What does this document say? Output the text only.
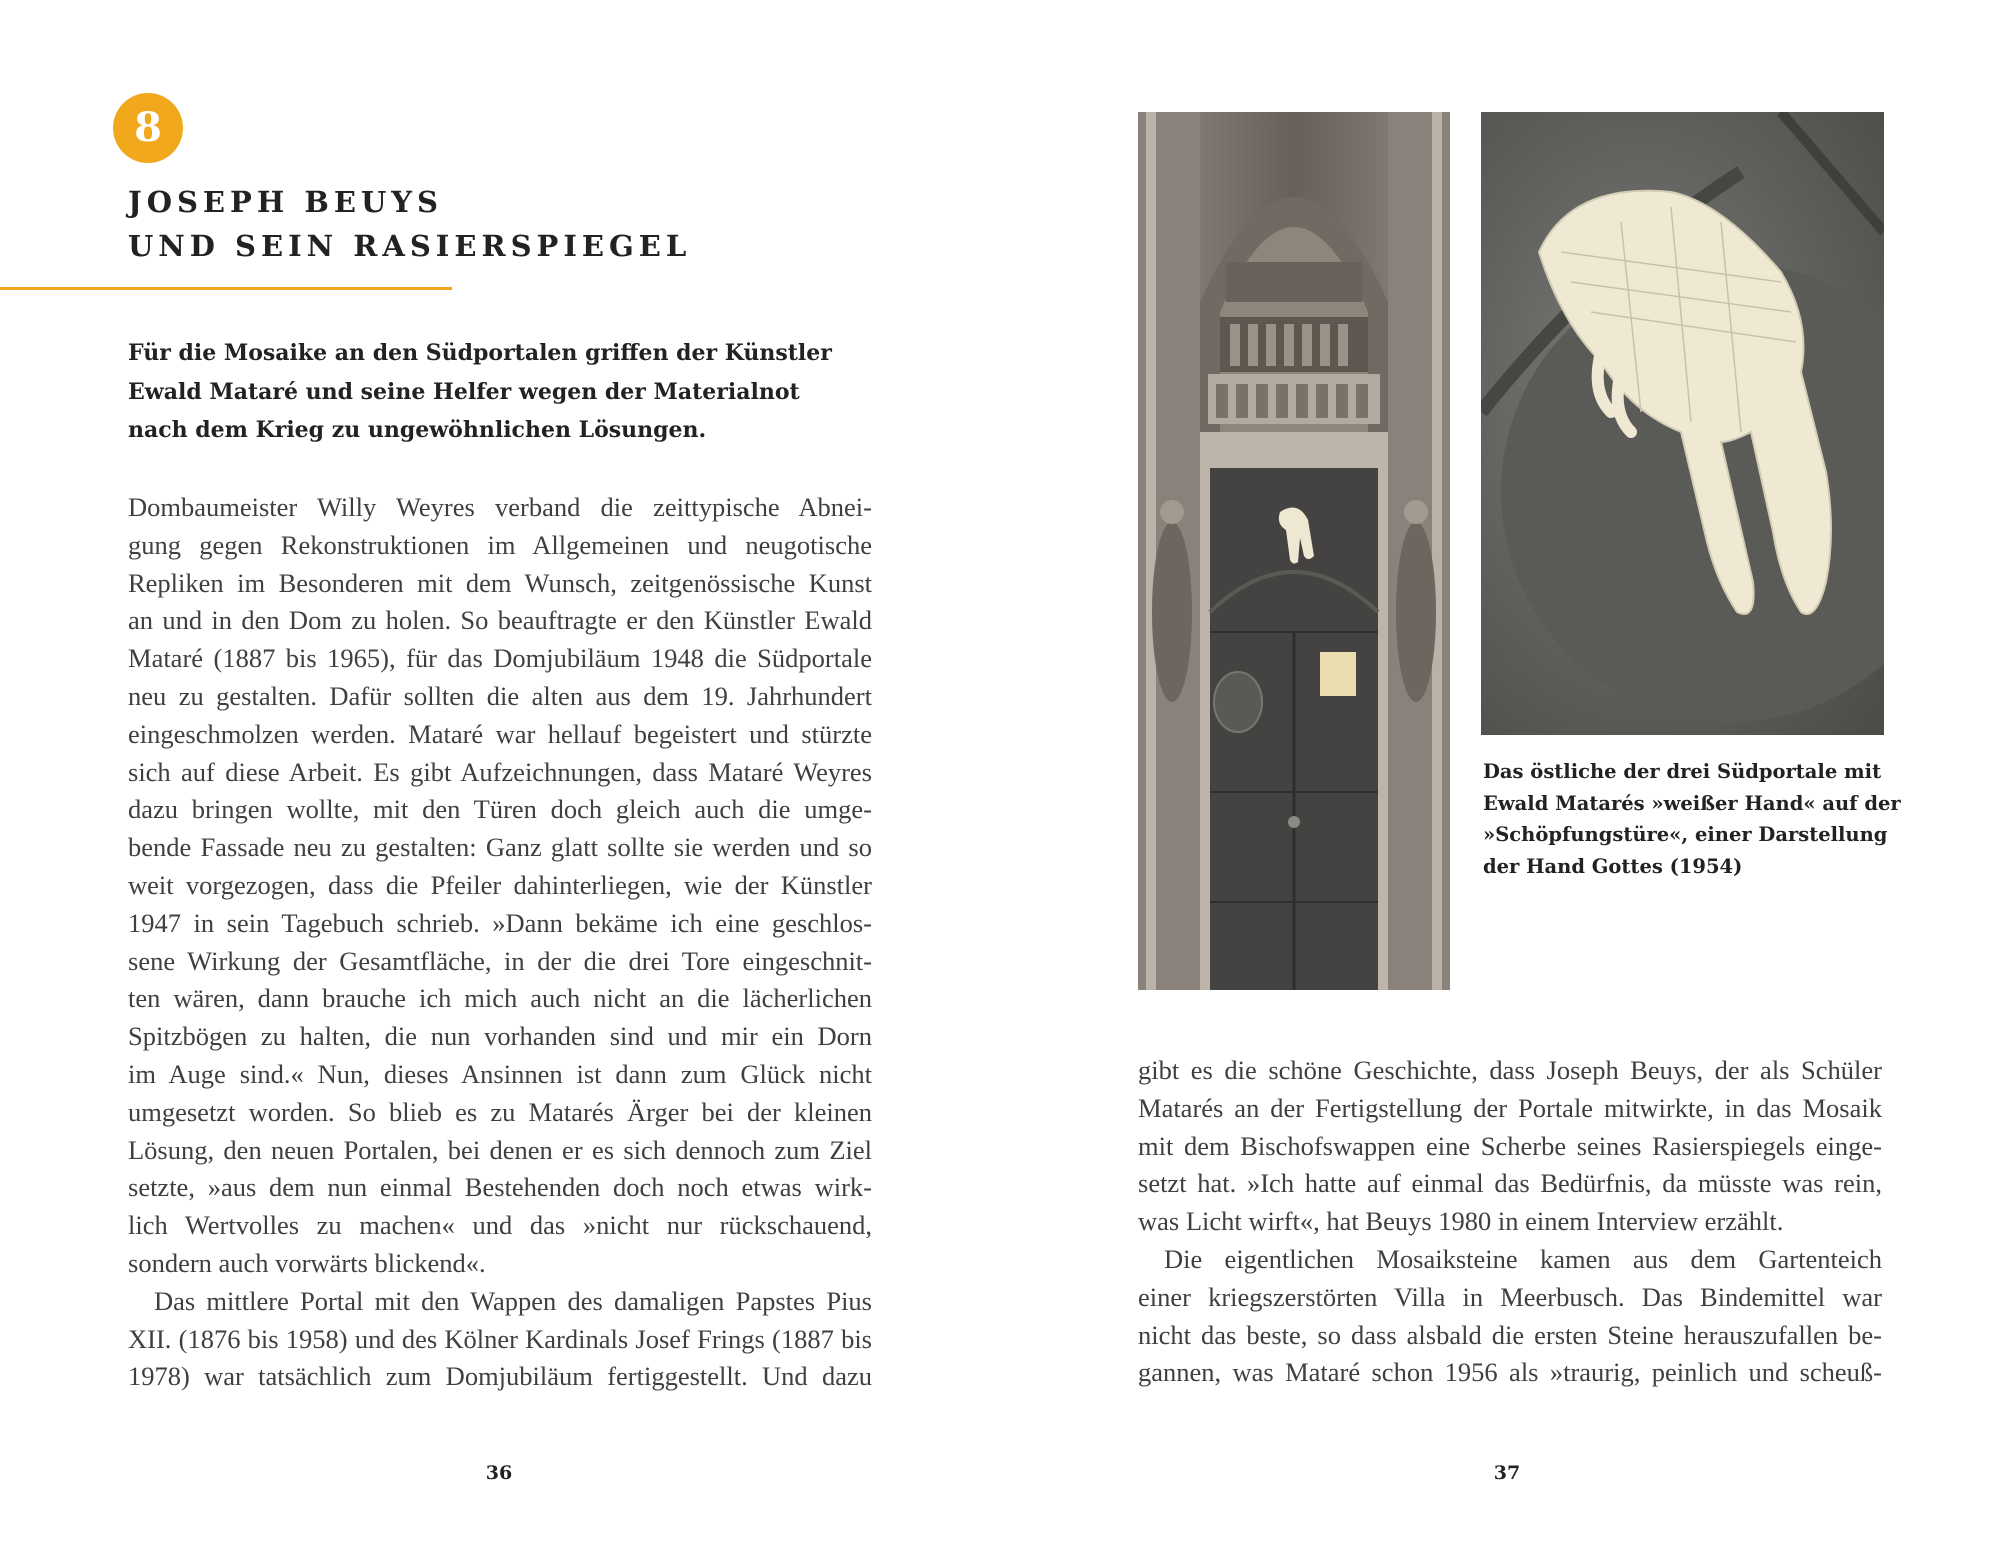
8
JOSEPH BEUYS
UND SEIN RASIERSPIEGEL

Für die Mosaike an den Südportalen griffen der Künstler
Ewald Mataré und seine Helfer wegen der Materialnot
nach dem Krieg zu ungewöhnlichen Lösungen.

Dombaumeister Willy Weyres verband die zeittypische Abnei-
gung gegen Rekonstruktionen im Allgemeinen und neugotische
Repliken im Besonderen mit dem Wunsch, zeitgenössische Kunst
an und in den Dom zu holen. So beauftragte er den Künstler Ewald
Mataré (1887 bis 1965), für das Domjubiläum 1948 die Südportale
neu zu gestalten. Dafür sollten die alten aus dem 19. Jahrhundert
eingeschmolzen werden. Mataré war hellauf begeistert und stürzte
sich auf diese Arbeit. Es gibt Aufzeichnungen, dass Mataré Weyres
dazu bringen wollte, mit den Türen doch gleich auch die umge-
bende Fassade neu zu gestalten: Ganz glatt sollte sie werden und so
weit vorgezogen, dass die Pfeiler dahinterliegen, wie der Künstler
1947 in sein Tagebuch schrieb. »Dann bekäme ich eine geschlos-
sene Wirkung der Gesamtfläche, in der die drei Tore eingeschnit-
ten wären, dann brauche ich mich auch nicht an die lächerlichen
Spitzbögen zu halten, die nun vorhanden sind und mir ein Dorn
im Auge sind.« Nun, dieses Ansinnen ist dann zum Glück nicht
umgesetzt worden. So blieb es zu Matarés Ärger bei der kleinen
Lösung, den neuen Portalen, bei denen er es sich dennoch zum Ziel
setzte, »aus dem nun einmal Bestehenden doch noch etwas wirk-
lich Wertvolles zu machen« und das »nicht nur rückschauend,
sondern auch vorwärts blickend«.
Das mittlere Portal mit den Wappen des damaligen Papstes Pius
XII. (1876 bis 1958) und des Kölner Kardinals Josef Frings (1887 bis
1978) war tatsächlich zum Domjubiläum fertiggestellt. Und dazu
36

Das östliche der drei Südportale mit
Ewald Matarés »weißer Hand« auf der
»Schöpfungstüre«, einer Darstellung
der Hand Gottes (1954)

gibt es die schöne Geschichte, dass Joseph Beuys, der als Schüler
Matarés an der Fertigstellung der Portale mitwirkte, in das Mosaik
mit dem Bischofswappen eine Scherbe seines Rasierspiegels einge-
setzt hat. »Ich hatte auf einmal das Bedürfnis, da müsste was rein,
was Licht wirft«, hat Beuys 1980 in einem Interview erzählt.
Die eigentlichen Mosaiksteine kamen aus dem Gartenteich
einer kriegszerstörten Villa in Meerbusch. Das Bindemittel war
nicht das beste, so dass alsbald die ersten Steine herauszufallen be-
gannen, was Mataré schon 1956 als »traurig, peinlich und scheuß-
37
